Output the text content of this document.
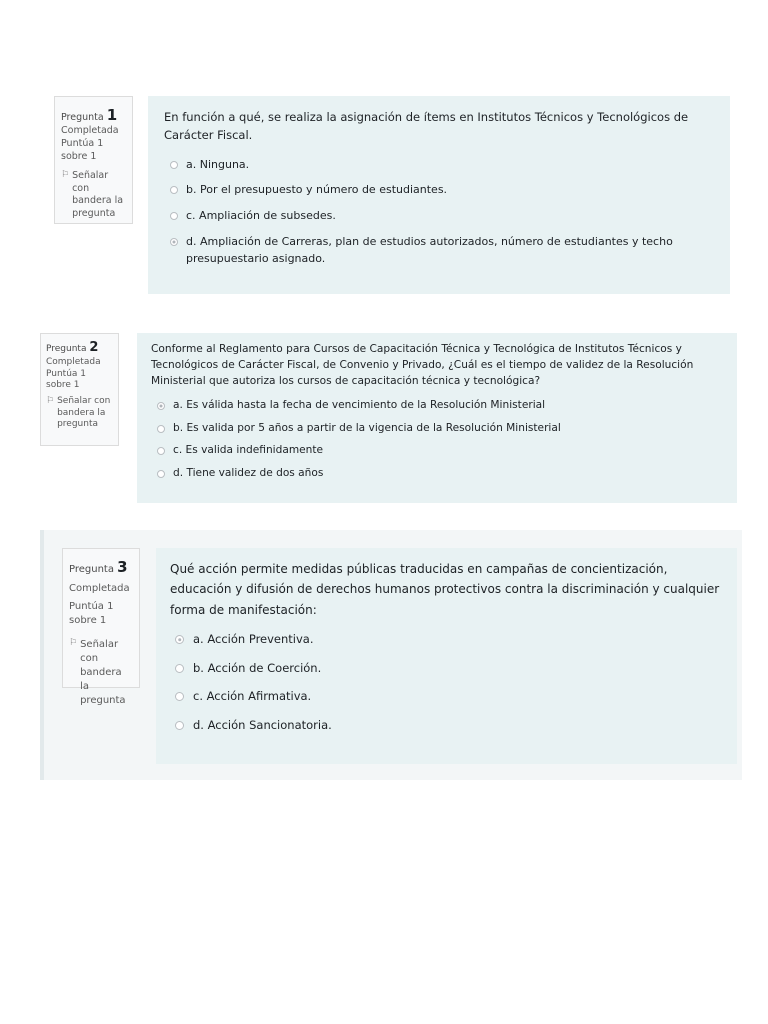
Pregunta 1
Completada
Puntúa 1 sobre 1
⚐ Señalar con bandera la pregunta

En función a qué, se realiza la asignación de ítems en Institutos Técnicos y Tecnológicos de Carácter Fiscal.

a. Ninguna.
b. Por el presupuesto y número de estudiantes.
c. Ampliación de subsedes.
d. Ampliación de Carreras, plan de estudios autorizados, número de estudiantes y techo presupuestario asignado.
Pregunta 2
Completada
Puntúa 1 sobre 1
⚐ Señalar con bandera la pregunta

Conforme al Reglamento para Cursos de Capacitación Técnica y Tecnológica de Institutos Técnicos y Tecnológicos de Carácter Fiscal, de Convenio y Privado, ¿Cuál es el tiempo de validez de la Resolución Ministerial que autoriza los cursos de capacitación técnica y tecnológica?

a. Es válida hasta la fecha de vencimiento de la Resolución Ministerial
b. Es valida por 5 años a partir de la vigencia de la Resolución Ministerial
c. Es valida indefinidamente
d. Tiene validez de dos años
Pregunta 3
Completada
Puntúa 1 sobre 1
⚐ Señalar con bandera la pregunta

Qué acción permite medidas públicas traducidas en campañas de concientización, educación y difusión de derechos humanos protectivos contra la discriminación y cualquier forma de manifestación:

a. Acción Preventiva.
b. Acción de Coerción.
c. Acción Afirmativa.
d. Acción Sancionatoria.
